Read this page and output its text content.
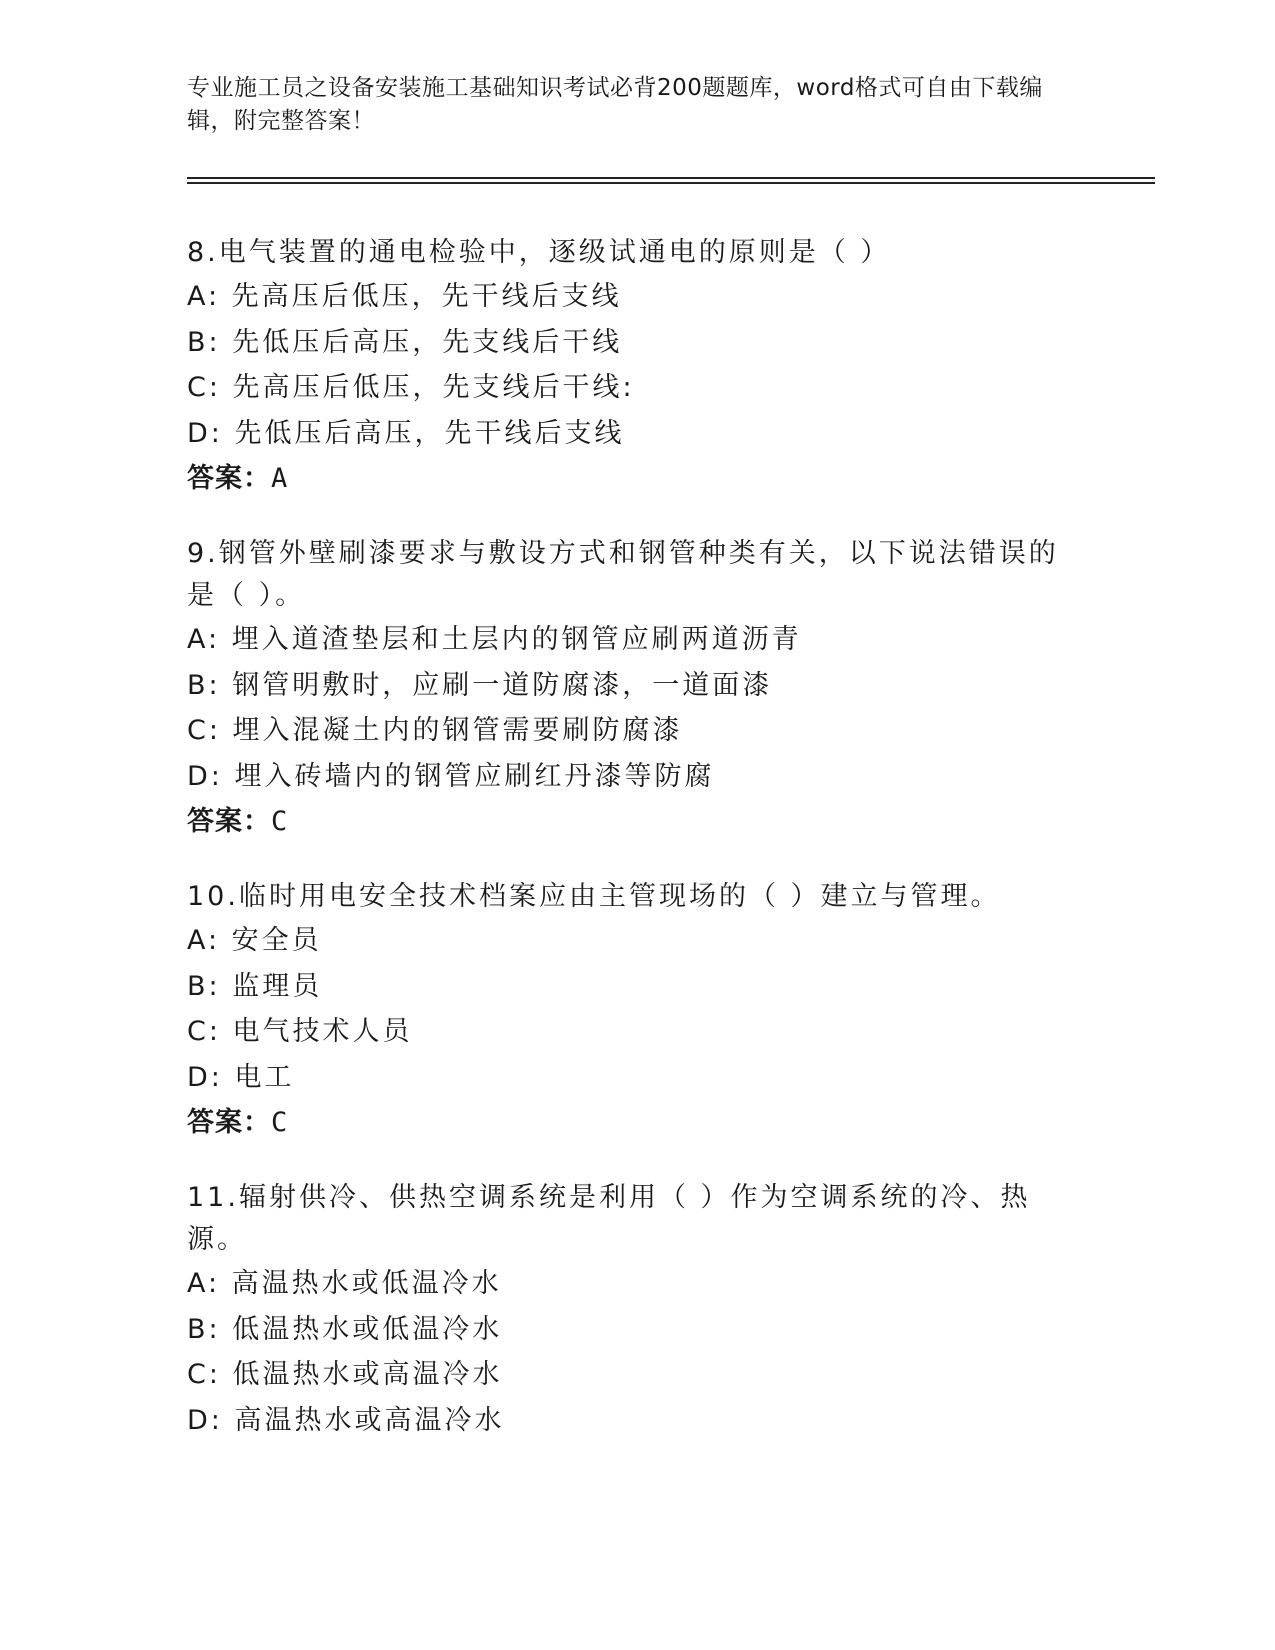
专业施工员之设备安装施工基础知识考试必背200题题库，word格式可自由下载编辑，附完整答案！
8.电气装置的通电检验中，逐级试通电的原则是（ ）
A: 先高压后低压，先干线后支线
B: 先低压后高压，先支线后干线
C: 先高压后低压，先支线后干线:
D: 先低压后高压，先干线后支线
答案：A
9.钢管外壁刷漆要求与敷设方式和钢管种类有关，以下说法错误的是（ ）。
A: 埋入道渣垫层和土层内的钢管应刷两道沥青
B: 钢管明敷时，应刷一道防腐漆，一道面漆
C: 埋入混凝土内的钢管需要刷防腐漆
D: 埋入砖墙内的钢管应刷红丹漆等防腐
答案：C
10.临时用电安全技术档案应由主管现场的（ ）建立与管理。
A: 安全员
B: 监理员
C: 电气技术人员
D: 电工
答案：C
11.辐射供冷、供热空调系统是利用（ ）作为空调系统的冷、热源。
A: 高温热水或低温冷水
B: 低温热水或低温冷水
C: 低温热水或高温冷水
D: 高温热水或高温冷水
